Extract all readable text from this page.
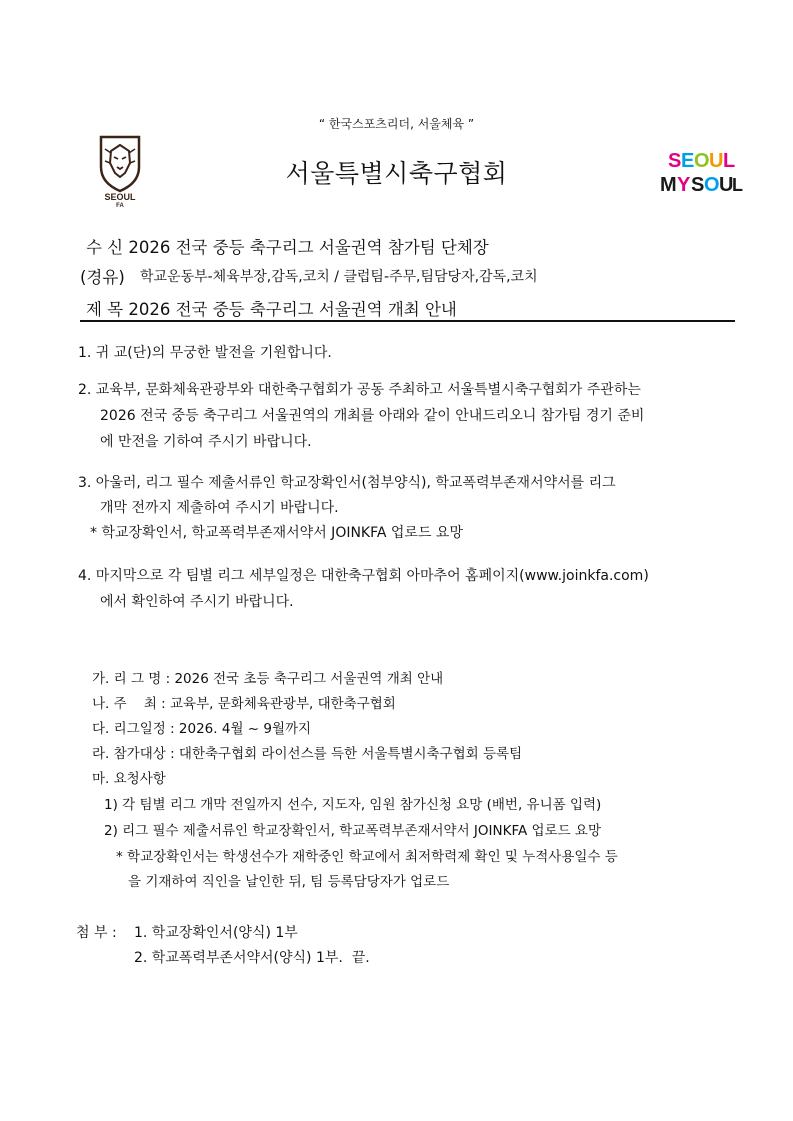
“ 한국스포츠리더, 서울체육 ”
SEOUL
FA
서울특별시축구협회	S E O U L
M Y S O U
L
수 신 2026 전국 중등 축구리그 서울권역 참가팀 단체장
(경유) 학교운동부-체육부장,감독,코치 / 클럽팀-주무,팀담당자,감독,코치
제 목 2026 전국 중등 축구리그 서울권역 개최 안내
1. 귀 교(단)의 무궁한 발전을 기원합니다.
2. 교육부, 문화체육관광부와 대한축구협회가 공동 주최하고 서울특별시축구협회가 주관하는
2026 전국 중등 축구리그 서울권역의 개최를 아래와 같이 안내드리오니 참가팀 경기 준비
에 만전을 기하여 주시기 바랍니다.
3. 아울러, 리그 필수 제출서류인 학교장확인서(첨부양식), 학교폭력부존재서약서를 리그
개막 전까지 제출하여 주시기 바랍니다.
* 학교장확인서, 학교폭력부존재서약서 JOINKFA 업로드 요망
4. 마지막으로 각 팀별 리그 세부일정은 대한축구협회 아마추어 홈페이지(www.joinkfa.com)
에서 확인하여 주시기 바랍니다.
가. 리 그 명 : 2026 전국 초등 축구리그 서울권역 개최 안내
나. 주    최 : 교육부, 문화체육관광부, 대한축구협회
다. 리그일정 : 2026. 4월 ~ 9월까지
라. 참가대상 : 대한축구협회 라이선스를 득한 서울특별시축구협회 등록팀
마. 요청사항
1) 각 팀별 리그 개막 전일까지 선수, 지도자, 임원 참가신청 요망 (배번, 유니폼 입력)
2) 리그 필수 제출서류인 학교장확인서, 학교폭력부존재서약서 JOINKFA 업로드 요망
* 학교장확인서는 학생선수가 재학중인 학교에서 최저학력제 확인 및 누적사용일수 등
을 기재하여 직인을 날인한 뒤, 팀 등록담당자가 업로드
첨 부 : 1. 학교장확인서(양식) 1부
2. 학교폭력부존서약서(양식) 1부.  끝.
